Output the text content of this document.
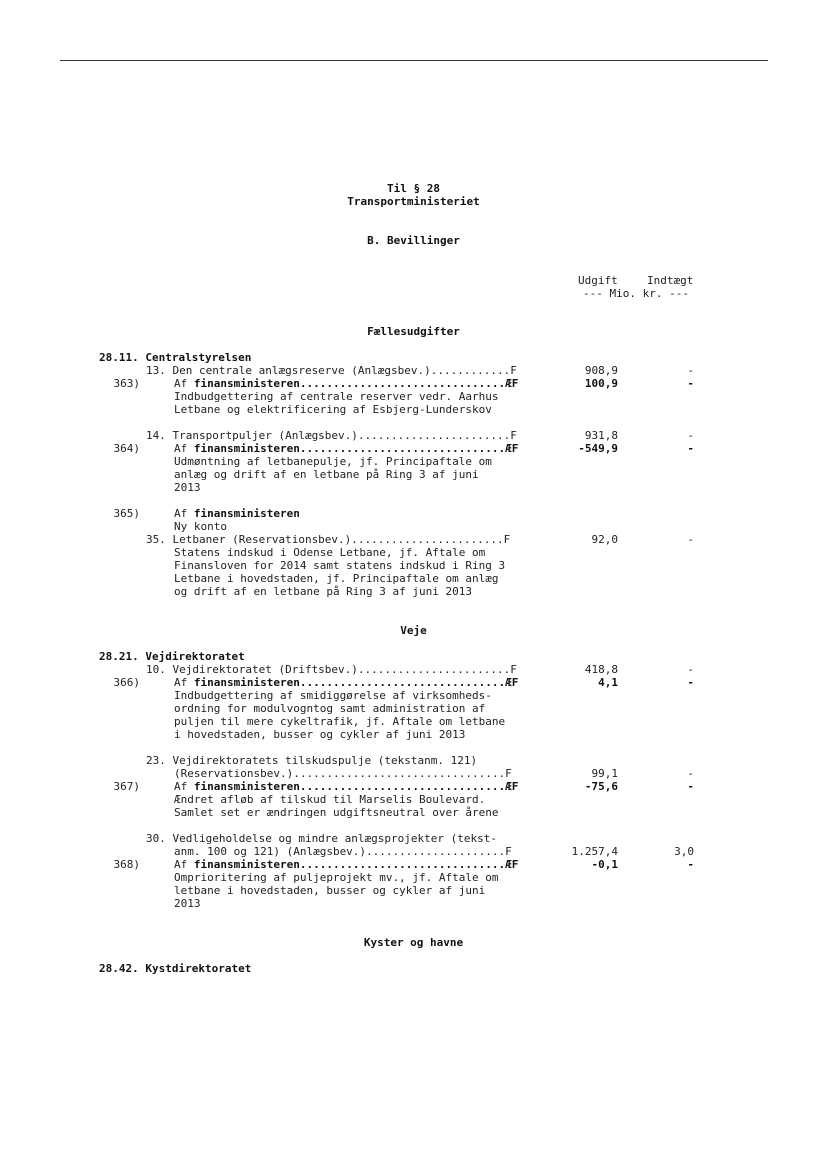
Til § 28
Transportministeriet
B. Bevillinger
Udgift	Indtægt
--- Mio. kr. ---
Fællesudgifter
28.11. Centralstyrelsen
13. Den centrale anlægsreserve (Anlægsbev.)............F	908,9	-
363)	Af finansministeren...............................ÆF	100,9	-
Indbudgettering af centrale reserver vedr. Aarhus
Letbane og elektrificering af Esbjerg-Lunderskov
14. Transportpuljer (Anlægsbev.).......................F	931,8	-
364)	Af finansministeren...............................ÆF	-549,9	-
Udmøntning af letbanepulje, jf. Principaftale om
anlæg og drift af en letbane på Ring 3 af juni
2013
365)	Af finansministeren
Ny konto
35. Letbaner (Reservationsbev.).......................F	92,0	-
Statens indskud i Odense Letbane, jf. Aftale om
Finansloven for 2014 samt statens indskud i Ring 3
Letbane i hovedstaden, jf. Principaftale om anlæg
og drift af en letbane på Ring 3 af juni 2013
Veje
28.21. Vejdirektoratet
10. Vejdirektoratet (Driftsbev.).......................F	418,8	-
366)	Af finansministeren...............................ÆF	4,1	-
Indbudgettering af smidiggørelse af virksomheds-
ordning for modulvogntog samt administration af
puljen til mere cykeltrafik, jf. Aftale om letbane
i hovedstaden, busser og cykler af juni 2013
23. Vejdirektoratets tilskudspulje (tekstanm. 121)
(Reservationsbev.)................................F	99,1	-
367)	Af finansministeren...............................ÆF	-75,6	-
Ændret afløb af tilskud til Marselis Boulevard.
Samlet set er ændringen udgiftsneutral over årene
30. Vedligeholdelse og mindre anlægsprojekter (tekst-
anm. 100 og 121) (Anlægsbev.).....................F	1.257,4	3,0
368)	Af finansministeren...............................ÆF	-0,1	-
Omprioritering af puljeprojekt mv., jf. Aftale om
letbane i hovedstaden, busser og cykler af juni
2013
Kyster og havne
28.42. Kystdirektoratet
